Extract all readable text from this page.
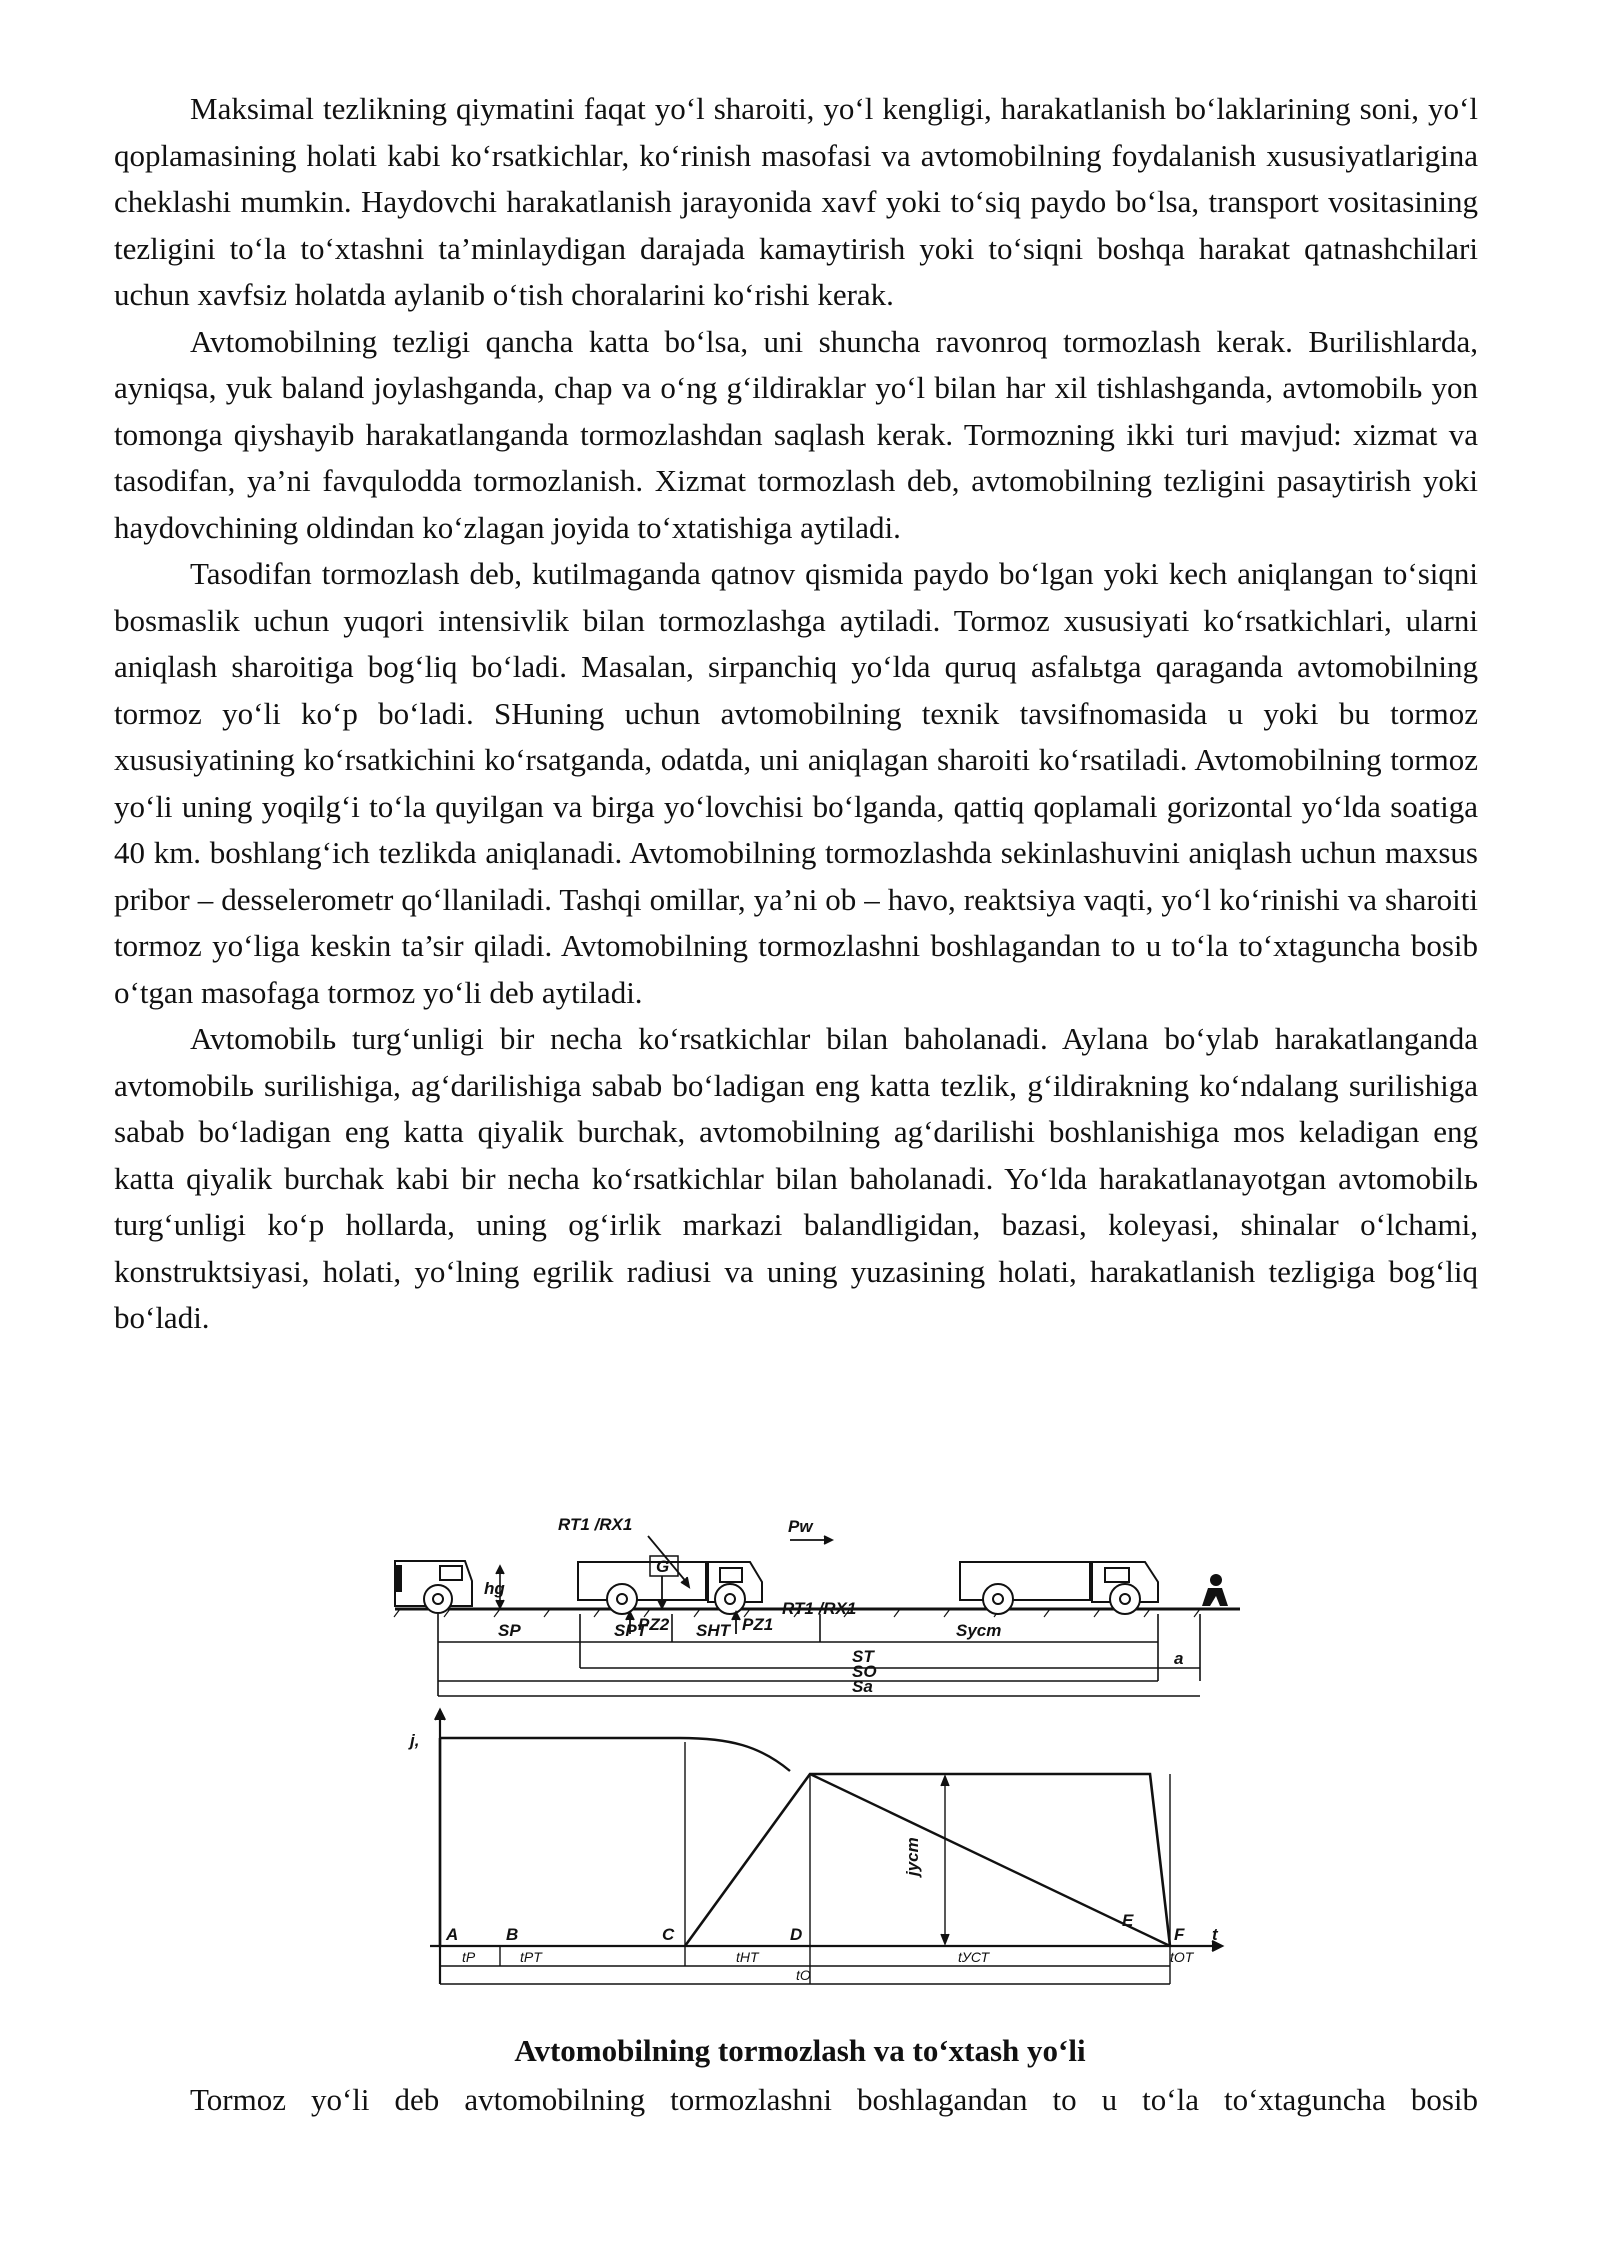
Maksimal tezlikning qiymatini faqat yo‘l sharoiti, yo‘l kengligi, harakatlanish bo‘laklarining soni, yo‘l qoplamasining holati kabi ko‘rsatkichlar, ko‘rinish masofasi va avtomobilning foydalanish xususiyatlarigina cheklashi mumkin. Haydovchi harakatlanish jarayonida xavf yoki to‘siq paydo bo‘lsa, transport vositasining tezligini to‘la to‘xtashni ta’minlaydigan darajada kamaytirish yoki to‘siqni boshqa harakat qatnashchilari uchun xavfsiz holatda aylanib o‘tish choralarini ko‘rishi kerak.

Avtomobilning tezligi qancha katta bo‘lsa, uni shuncha ravonroq tormozlash kerak. Burilishlarda, ayniqsa, yuk baland joylashganda, chap va o‘ng g‘ildiraklar yo‘l bilan har xil tishlashganda, avtomobilь yon tomonga qiyshayib harakatlanganda tormozlashdan saqlash kerak. Tormozning ikki turi mavjud: xizmat va tasodifan, ya’ni favqulodda tormozlanish. Xizmat tormozlash deb, avtomobilning tezligini pasaytirish yoki haydovchining oldindan ko‘zlagan joyida to‘xtatishiga aytiladi.

Tasodifan tormozlash deb, kutilmaganda qatnov qismida paydo bo‘lgan yoki kech aniqlangan to‘siqni bosmaslik uchun yuqori intensivlik bilan tormozlashga aytiladi. Tormoz xususiyati ko‘rsatkichlari, ularni aniqlash sharoitiga bog‘liq bo‘ladi. Masalan, sirpanchiq yo‘lda quruq asfalьtga qaraganda avtomobilning tormoz yo‘li ko‘p bo‘ladi. SHuning uchun avtomobilning texnik tavsifnomasida u yoki bu tormoz xususiyatining ko‘rsatkichini ko‘rsatganda, odatda, uni aniqlagan sharoiti ko‘rsatiladi. Avtomobilning tormoz yo‘li uning yoqilg‘i to‘la quyilgan va birga yo‘lovchisi bo‘lganda, qattiq qoplamali gorizontal yo‘lda soatiga 40 km. boshlang‘ich tezlikda aniqlanadi. Avtomobilning tormozlashda sekinlashuvini aniqlash uchun maxsus pribor – desselerometr qo‘llaniladi. Tashqi omillar, ya’ni ob – havo, reaktsiya vaqti, yo‘l ko‘rinishi va sharoiti tormoz yo‘liga keskin ta’sir qiladi. Avtomobilning tormozlashni boshlagandan to u to‘la to‘xtaguncha bosib o‘tgan masofaga tormoz yo‘li deb aytiladi.

Avtomobilь turg‘unligi bir necha ko‘rsatkichlar bilan baholanadi. Aylana bo‘ylab harakatlanganda avtomobilь surilishiga, ag‘darilishiga sabab bo‘ladigan eng katta tezlik, g‘ildirakning ko‘ndalang surilishiga sabab bo‘ladigan eng katta qiyalik burchak, avtomobilning ag‘darilishi boshlanishiga mos keladigan eng katta qiyalik burchak kabi bir necha ko‘rsatkichlar bilan baholanadi. Yo‘lda harakatlanayotgan avtomobilь turg‘unligi ko‘p hollarda, uning og‘irlik markazi balandligidan, bazasi, koleyasi, shinalar o‘lchami, konstruktsiyasi, holati, yo‘lning egrilik radiusi va uning yuzasining holati, harakatlanish tezligiga bog‘liq bo‘ladi.

RT1 /RX1
RT1 /RX1
Pw
G
hg
PZ2	PZ1
SP	SPT	SHT	Sуст
ST
SO
Sa
a
j,
jуст
A	B	C	D
E
F t
tP	tPT	tHT	tУСТ	tOT
tO
Avtomobilning tormozlash va to‘xtash yo‘li
Tormoz yo‘li deb avtomobilning tormozlashni boshlagandan to u to‘la to‘xtaguncha bosib
